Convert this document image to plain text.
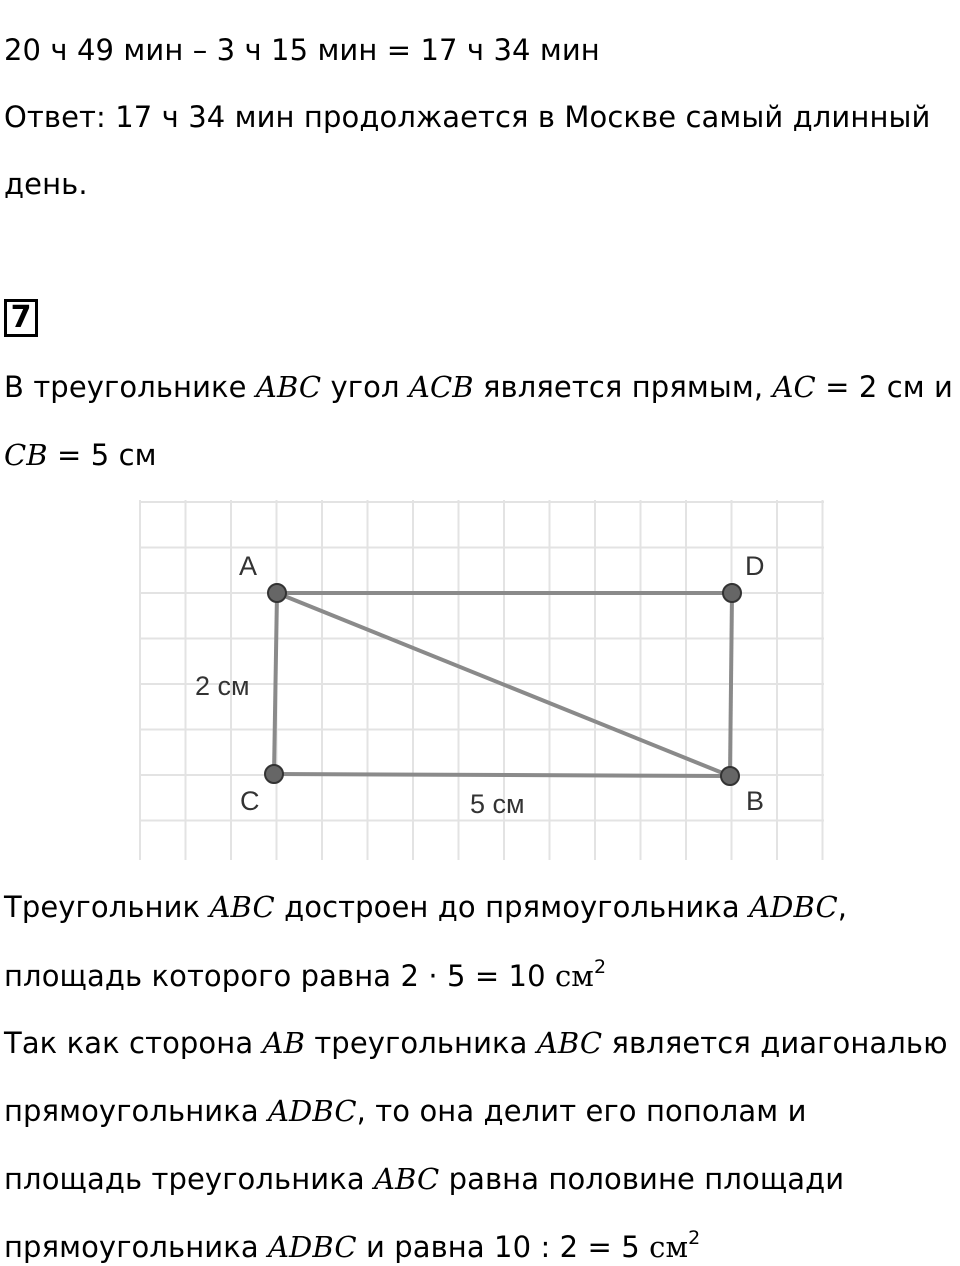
20 ч 49 мин – 3 ч 15 мин = 17 ч 34 мин
Ответ: 17 ч 34 мин продолжается в Москве самый длинный
день.
7
В треугольнике ABC угол ACB является прямым, AC = 2 см и
CB = 5 см
A	D
C	B
2 см
5 см
Треугольник ABC достроен до прямоугольника ADBC,
площадь которого равна 2 · 5 = 10 $см^2$
Так как сторона AB треугольника ABC является диагональю
прямоугольника ADBC, то она делит его пополам и
площадь треугольника ABC равна половине площади
прямоугольника ADBC и равна 10 : 2 = 5 $см^2$
